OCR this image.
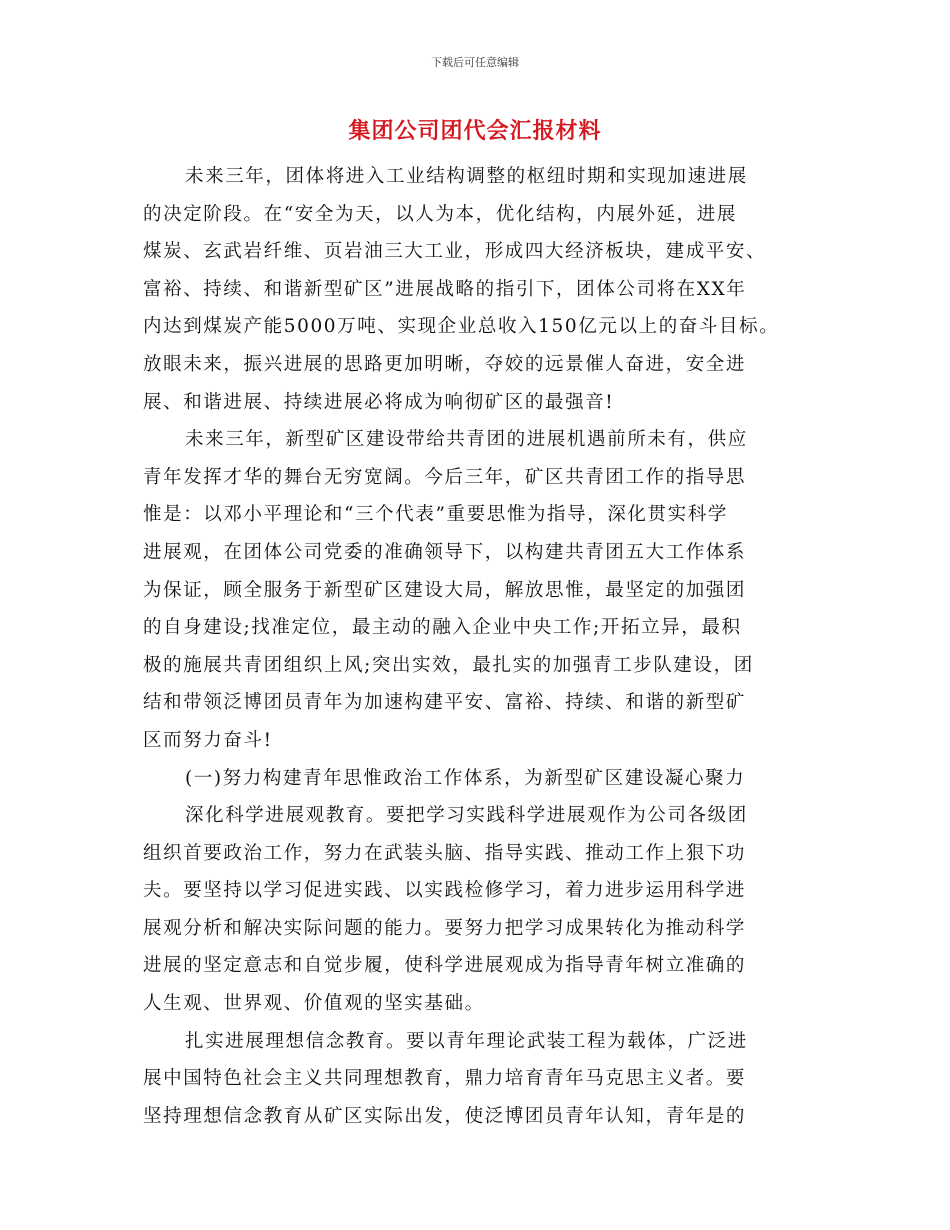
下载后可任意编辑
集团公司团代会汇报材料
未来三年，团体将进入工业结构调整的枢纽时期和实现加速进展
的决定阶段。在“安全为天，以人为本，优化结构，内展外延，进展
煤炭、玄武岩纤维、页岩油三大工业，形成四大经济板块，建成平安、
富裕、持续、和谐新型矿区”进展战略的指引下，团体公司将在XX年
内达到煤炭产能5000万吨、实现企业总收入150亿元以上的奋斗目标。
放眼未来，振兴进展的思路更加明晰，夺姣的远景催人奋进，安全进
展、和谐进展、持续进展必将成为响彻矿区的最强音!
未来三年，新型矿区建设带给共青团的进展机遇前所未有，供应
青年发挥才华的舞台无穷宽阔。今后三年，矿区共青团工作的指导思
惟是：以邓小平理论和“三个代表”重要思惟为指导，深化贯实科学
进展观，在团体公司党委的准确领导下，以构建共青团五大工作体系
为保证，顾全服务于新型矿区建设大局，解放思惟，最坚定的加强团
的自身建设;找准定位，最主动的融入企业中央工作;开拓立异，最积
极的施展共青团组织上风;突出实效，最扎实的加强青工步队建设，团
结和带领泛博团员青年为加速构建平安、富裕、持续、和谐的新型矿
区而努力奋斗!
(一)努力构建青年思惟政治工作体系，为新型矿区建设凝心聚力
深化科学进展观教育。要把学习实践科学进展观作为公司各级团
组织首要政治工作，努力在武装头脑、指导实践、推动工作上狠下功
夫。要坚持以学习促进实践、以实践检修学习，着力进步运用科学进
展观分析和解决实际问题的能力。要努力把学习成果转化为推动科学
进展的坚定意志和自觉步履，使科学进展观成为指导青年树立准确的
人生观、世界观、价值观的坚实基础。
扎实进展理想信念教育。要以青年理论武装工程为载体，广泛进
展中国特色社会主义共同理想教育，鼎力培育青年马克思主义者。要
坚持理想信念教育从矿区实际出发，使泛博团员青年认知，青年是的
